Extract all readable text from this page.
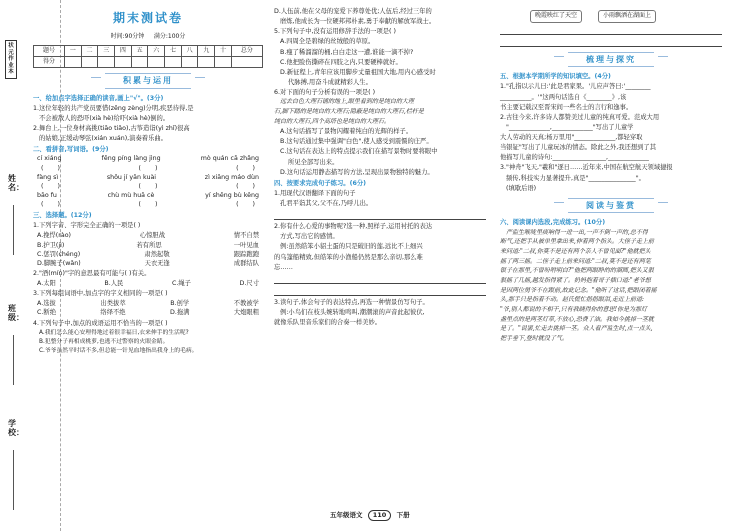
状元作业本
姓名：
班级：
学校：
期末测试卷
时间:90分钟 满分:100分
题号	一	二	三	四	五	六	七	八	九	十	总分
得分											
积累与运用
一、给加点字选择正确的读音,画上"√"。(3分)
1.这位年轻的共产党员要惜(zēng zèng)分明,疾恶待得,是
不会被敌人的恐吓(xià hè)给吓(xià hè)倒的。
2.舞台上,一位身材高挑(tiāo tiǎo),古筝造诣(yì zhǐ)很高
的姑娘,正缓动琴弦(xián xuán),演奏着乐曲。
二、看拼音,写词语。(9分)
cí xiáng	fēng píng làng jìng	mò quán cā zhǎng
(       )	(       )	(       )
fàng sì	shōu jí yān kuài	zì xiāng máo dùn
(       )	(       )	(       )
bāo fu	chù mù huā cè	yí shēng bù kěng
(       )	(       )	(       )
三、选择题。(12分)
1.下列字音、字形完全正确的一项是( )
A.挽悍(rào)	心惊胆战	情不自禁
B.护卫(jì)	若有所思	一叶见血
C.惩罚(chéng)	肃然起敬	跟踪跑跑
D.脚腕子(wǎn)	天衣无逢	成群结队
2."酒(mín)"字的意思最有可能与( )有关。
A.太阳	B.人民	C.绳子	D.尺寸
3.下列每组词语中,加点字的字义相同的一项是( )
A.选拔	出类拔萃	B.创学	不教被学
C.断绝	络绎不绝	D.拖满	大炮眼粗
4.下列句子中,加点的成语运用不恰当的一项是( )
A.我们怎么能心安理得地过着很幸福日,衣来伸手的生活呢?
B.犯整分子再相成桃萝,也逃不过警察的火眼金睛。
C.爷爷虽然平时话不多,但总能一针见血地指出我身上的毛病。
D.人伍前,他在父母的宠爱下养尊处优;人伍后,经过三年的
磨炼,他成长为一位硬邦邦朴素,勇于奉献的解放军战士。
5.下列句子中,没有运用修辞手法的一项是( )
A.四周全是碧绿的丝绒般的草原。
B.瘦了稀溜溜的桶,白白走这一遭,谁能一滴不掉?
C.他把脸伤撕碎在四肢之内,只要硬棒就好。
D.新征程上,青年应该用脚步丈量祖国大地,用内心感受时
代脉搏,用奋斗成就精彩人生。
6.对下面的句子分析有误的一项是( )
远去白色大理石铺的地上,眼里看到的是纯白的大理
石,脚下踏的是纯白的大理石;隐蔽是纯白的大理石,栏杆是
纯白的大理石,四个高塔也是纯白的大理石。
A.这句话描写了景物闪耀着纯白的光辉的样子。
B.这句话通过集中强调"白色",使人感受到震慑的庄严。
C.这句话在表达上的特点提示我们在描写景物时要将眼中
所见全部写出来。
D.这句话运用静态描写的方法,呈现出景物独特的魅力。
四、按要求完成句子练习。(6分)
1.用现代汉语翻译下面的句子
孔君平诣其父,父不在,乃呼儿出。
2.你有什么心爱的事物呢?选一种,照样子,运用衬托的表达
方式,写出它的感情。
例:虽然皓笨小貂土蛋的只是破旧的莲,远比不上细兴
的乌篷船精致,但皓笨的小渔船仍然是那么亲切,那么难
忘……
3.读句子,体会句子的表达特点,再选一种情景仿写句子。
例:小鸟们在枝头婉转地鸣叫,潮潮滚的声音此起彼伏,
就像乐队里音乐家们的合奏一样美妙。
晚霞映红了天空	小雨飘洒在湖面上
梳理与探究
五、根据本学期所学的知识填空。(4分)
1."孔指以示儿曰:'此是君家果。'儿应声答曰:'________
__________。'"这两句话选自《________》,该
书主要记载汉至晋宋间一些名士的言行和逸事。
2.古往今来,许多诗人都赞美过儿童的纯真可爱。范成大用
"_____________,_____________"写出了儿童学
大人劳动的天真;杨万里用"_____________,都轻穿取
当银钲"写出了儿童玩冰的情态。除此之外,我还想到了其
他描写儿童的诗句:_________________,_____________
3."神舟"飞天,"羲和"逐日……近年来,中国在航空航天领域捷报
频传,科技实力显著提升,真是"_______________"。
(填歇后语)
阅读与鉴赏
六、阅读课内选段,完成练习。(10分)
严监生喉咙里痰响得一进一出,一声不倒一声的,总不得
断气,还把手从被单里拿出来,伸着两个指头。大侄子走上前
来问道:"二叔,你莫不是还有两个亲人不曾见面?"他就把头
摇了两三摇。二侄子走上前来问道:"二叔,莫不是还有两笔
银子在那里,不曾吩咐明白?"他把两眼睁的的溜圆,把头又狠
狠摇了几摇,越发指得紧了。奶妈抱着哥子插口道:"老爷想
是因两位舅爷不在跟前,故此记念。"他听了这话,把眼闭着摇
头,那手只是指着不动。赵氏慌忙揩揩眼泪,走近上前道:
"爷,别人都说的不相干,只有我晓得你的意思!你是为那灯
盏里点的是两茎灯草,不放心,恐费了油。我如今挑掉一茎就
是了。"说罢,忙走去挑掉一茎。众人看严监生时,点一点头,
把手垂下,登时就没了气。
五年级语文 110 下册
